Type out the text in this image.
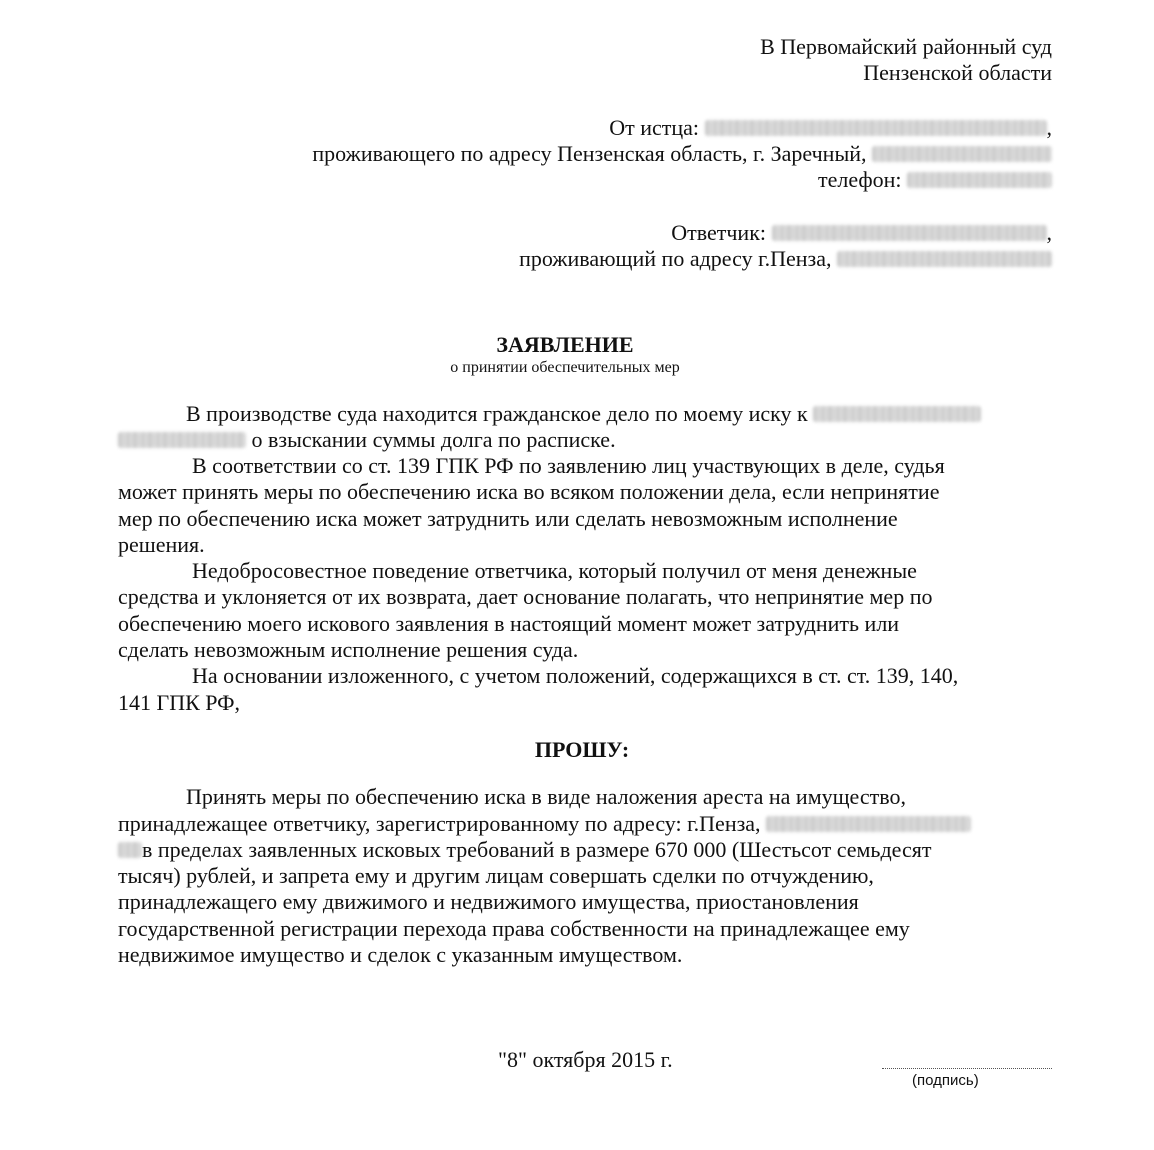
В Первомайский районный суд
Пензенской области
От истца:	,
проживающего по адресу Пензенская область, г. Заречный,
телефон:
Ответчик:	,
проживающий по адресу г.Пенза,
ЗАЯВЛЕНИЕ
о принятии обеспечительных мер
В производстве суда находится гражданское дело по моему иску к
о взыскании суммы долга по расписке.
В соответствии со ст. 139 ГПК РФ по заявлению лиц участвующих в деле, судья
может принять меры по обеспечению иска во всяком положении дела, если непринятие
мер по обеспечению иска может затруднить или сделать невозможным исполнение
решения.
Недобросовестное поведение ответчика, который получил от меня денежные
средства и уклоняется от их возврата, дает основание полагать, что непринятие мер по
обеспечению моего искового заявления в настоящий момент может затруднить или
сделать невозможным исполнение решения суда.
На основании изложенного, с учетом положений, содержащихся в ст. ст. 139, 140,
141 ГПК РФ,
ПРОШУ:
Принять меры по обеспечению иска в виде наложения ареста на имущество,
принадлежащее ответчику, зарегистрированному по адресу: г.Пенза,
в пределах заявленных исковых требований в размере 670 000 (Шестьсот семьдесят
тысяч) рублей, и запрета ему и другим лицам совершать сделки по отчуждению,
принадлежащего ему движимого и недвижимого имущества, приостановления
государственной регистрации перехода права собственности на принадлежащее ему
недвижимое имущество и сделок с указанным имуществом.
"8" октября 2015 г.
(подпись)
